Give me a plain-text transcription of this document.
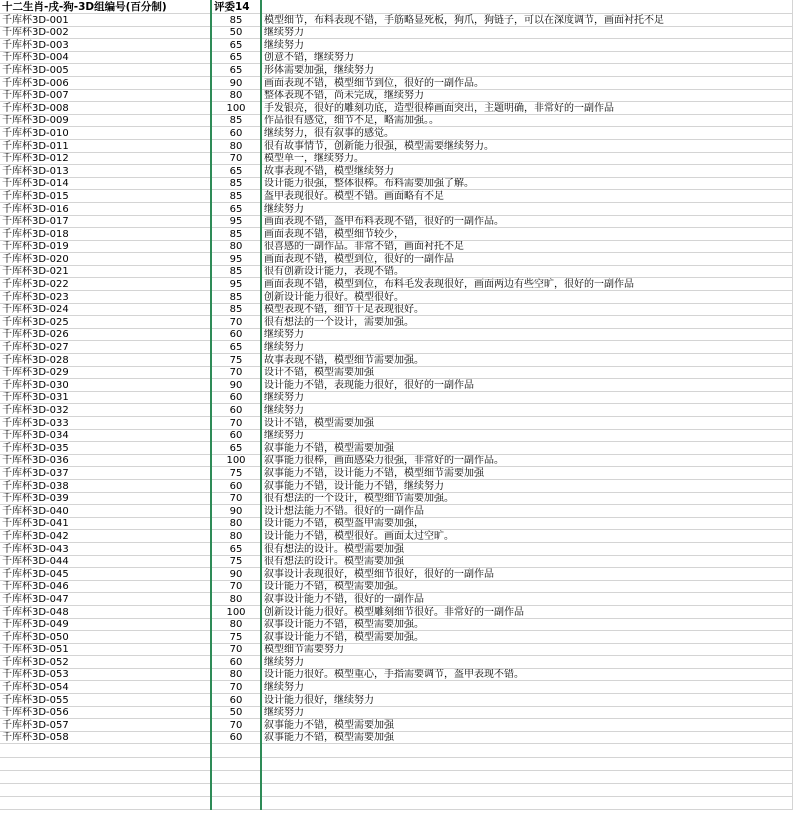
十二生肖-戌-狗-3D组编号(百分制)	评委14	
千库杯3D-001	85	模型细节，布料表现不错，手筋略显死板，狗爪，狗链子，可以在深度调节，画面衬托不足
千库杯3D-002	50	继续努力
千库杯3D-003	65	继续努力
千库杯3D-004	65	创意不错，继续努力
千库杯3D-005	65	形体需要加强，继续努力
千库杯3D-006	90	画面表现不错，模型细节到位，很好的一副作品。
千库杯3D-007	80	整体表现不错，尚未完成，继续努力
千库杯3D-008	100	手发银亮，很好的雕刻功底，造型很棒画面突出，主题明确，非常好的一副作品
千库杯3D-009	85	作品很有感觉，细节不足，略需加强。。
千库杯3D-010	60	继续努力，很有叙事的感觉。
千库杯3D-011	80	很有故事情节，创新能力很强，模型需要继续努力。
千库杯3D-012	70	模型单一，继续努力。
千库杯3D-013	65	故事表现不错，模型继续努力
千库杯3D-014	85	设计能力很强，整体很棒。布料需要加强了解。
千库杯3D-015	85	盔甲表现很好。模型不错。画面略有不足
千库杯3D-016	65	继续努力
千库杯3D-017	95	画面表现不错，盔甲布料表现不错，很好的一副作品。
千库杯3D-018	85	画面表现不错，模型细节较少，
千库杯3D-019	80	很喜感的一副作品。非常不错，画面衬托不足
千库杯3D-020	95	画面表现不错，模型到位，很好的一副作品
千库杯3D-021	85	很有创新设计能力，表现不错。
千库杯3D-022	95	画面表现不错，模型到位，布料毛发表现很好，画面两边有些空旷，很好的一副作品
千库杯3D-023	85	创新设计能力很好。模型很好。
千库杯3D-024	85	模型表现不错，细节十足表现很好。
千库杯3D-025	70	很有想法的一个设计，需要加强。
千库杯3D-026	60	继续努力
千库杯3D-027	65	继续努力
千库杯3D-028	75	故事表现不错，模型细节需要加强。
千库杯3D-029	70	设计不错，模型需要加强
千库杯3D-030	90	设计能力不错，表现能力很好，很好的一副作品
千库杯3D-031	60	继续努力
千库杯3D-032	60	继续努力
千库杯3D-033	70	设计不错，模型需要加强
千库杯3D-034	60	继续努力
千库杯3D-035	65	叙事能力不错，模型需要加强
千库杯3D-036	100	叙事能力很棒，画面感染力很强，非常好的一副作品。
千库杯3D-037	75	叙事能力不错，设计能力不错，模型细节需要加强
千库杯3D-038	60	叙事能力不错，设计能力不错，继续努力
千库杯3D-039	70	很有想法的一个设计，模型细节需要加强。
千库杯3D-040	90	设计想法能力不错。很好的一副作品
千库杯3D-041	80	设计能力不错，模型盔甲需要加强，
千库杯3D-042	80	设计能力不错，模型很好。画面太过空旷。
千库杯3D-043	65	很有想法的设计。模型需要加强
千库杯3D-044	75	很有想法的设计。模型需要加强
千库杯3D-045	90	叙事设计表现很好，模型细节很好，很好的一副作品
千库杯3D-046	70	设计能力不错，模型需要加强。
千库杯3D-047	80	叙事设计能力不错，很好的一副作品
千库杯3D-048	100	创新设计能力很好。模型雕刻细节很好。非常好的一副作品
千库杯3D-049	80	叙事设计能力不错，模型需要加强。
千库杯3D-050	75	叙事设计能力不错，模型需要加强。
千库杯3D-051	70	模型细节需要努力
千库杯3D-052	60	继续努力
千库杯3D-053	80	设计能力很好。模型重心，手指需要调节，盔甲表现不错。
千库杯3D-054	70	继续努力
千库杯3D-055	60	设计能力很好，继续努力
千库杯3D-056	50	继续努力
千库杯3D-057	70	叙事能力不错，模型需要加强
千库杯3D-058	60	叙事能力不错，模型需要加强
